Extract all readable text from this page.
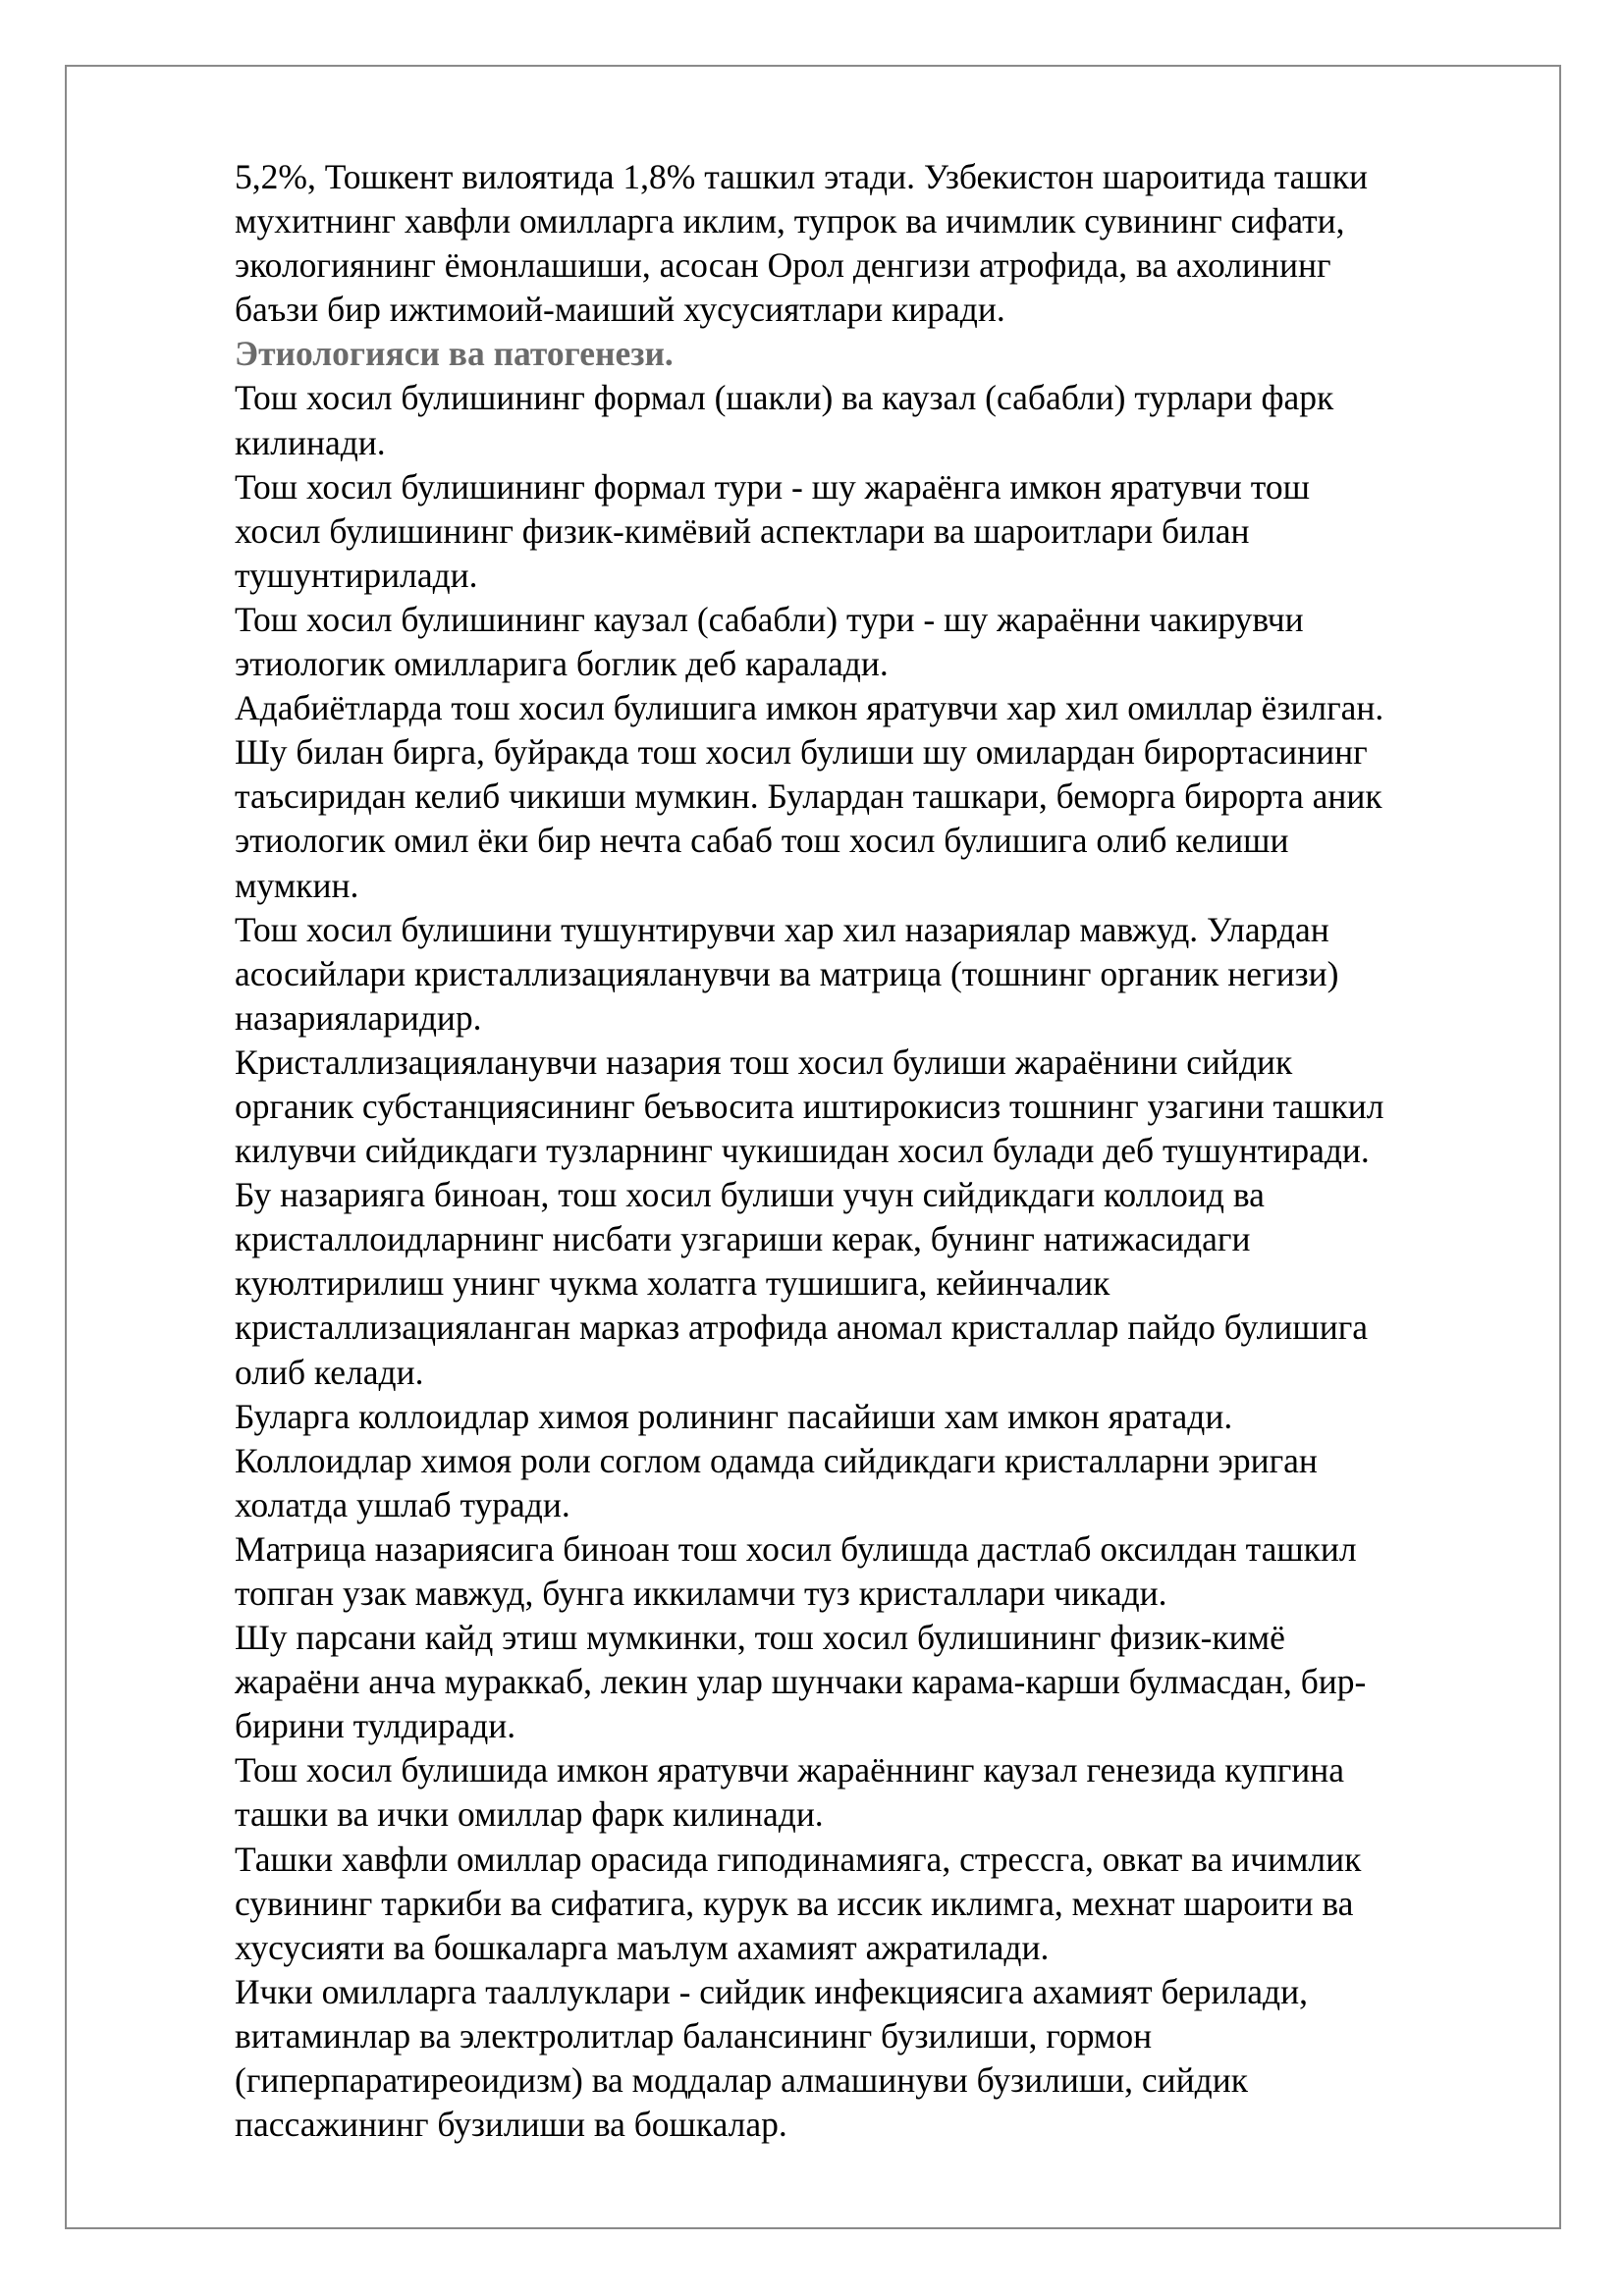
5,2%, Тошкент вилоятида 1,8% ташкил этади. Узбекистон шароитида ташки
мухитнинг хавфли омилларга иклим, тупрок ва ичимлик сувининг сифати,
экологиянинг ёмонлашиши, асосан Орол денгизи атрофида, ва ахолининг
баъзи бир ижтимоий-маиший хусусиятлари киради.
Этиологияси ва патогенези.
Тош хосил булишининг формал (шакли) ва каузал (сабабли) турлари фарк
килинади.
Тош хосил булишининг формал тури - шу жараёнга имкон яратувчи тош
хосил булишининг физик-кимёвий аспектлари ва шароитлари билан
тушунтирилади.
Тош хосил булишининг каузал (сабабли) тури - шу жараённи чакирувчи
этиологик омилларига боглик деб каралади.
Адабиётларда тош хосил булишига имкон яратувчи хар хил омиллар ёзилган.
Шу билан бирга, буйракда тош хосил булиши шу омилардан бирортасининг
таъсиридан келиб чикиши мумкин. Булардан ташкари, беморга бирорта аник
этиологик омил ёки бир нечта сабаб тош хосил булишига олиб келиши
мумкин.
Тош хосил булишини тушунтирувчи хар хил назариялар мавжуд. Улардан
асосийлари кристаллизацияланувчи ва матрица (тошнинг органик негизи)
назарияларидир.
Кристаллизацияланувчи назария тош хосил булиши жараёнини сийдик
органик субстанциясининг беъвосита иштирокисиз тошнинг узагини ташкил
килувчи сийдикдаги тузларнинг чукишидан хосил булади деб тушунтиради.
Бу назарияга биноан, тош хосил булиши учун сийдикдаги коллоид ва
кристаллоидларнинг нисбати узгариши керак, бунинг натижасидаги
куюлтирилиш унинг чукма холатга тушишига, кейинчалик
кристаллизацияланган марказ атрофида аномал кристаллар пайдо булишига
олиб келади.
Буларга коллоидлар химоя ролининг пасайиши хам имкон яратади.
Коллоидлар химоя роли соглом одамда сийдикдаги кристалларни эриган
холатда ушлаб туради.
Матрица назариясига биноан тош хосил булишда дастлаб оксилдан ташкил
топган узак мавжуд, бунга иккиламчи туз кристаллари чикади.
Шу парсани кайд этиш мумкинки, тош хосил булишининг физик-кимё
жараёни анча мураккаб, лекин улар шунчаки карама-карши булмасдан, бир-
бирини тулдиради.
Тош хосил булишида имкон яратувчи жараённинг каузал генезида купгина
ташки ва ички омиллар фарк килинади.
Ташки хавфли омиллар орасида гиподинамияга, стрессга, овкат ва ичимлик
сувининг таркиби ва сифатига, курук ва иссик иклимга, мехнат шароити ва
хусусияти ва бошкаларга маълум ахамият ажратилади.
Ички омилларга тааллуклари - сийдик инфекциясига ахамият берилади,
витаминлар ва электролитлар балансининг бузилиши, гормон
(гиперпаратиреоидизм) ва моддалар алмашинуви бузилиши, сийдик
пассажининг бузилиши ва бошкалар.
